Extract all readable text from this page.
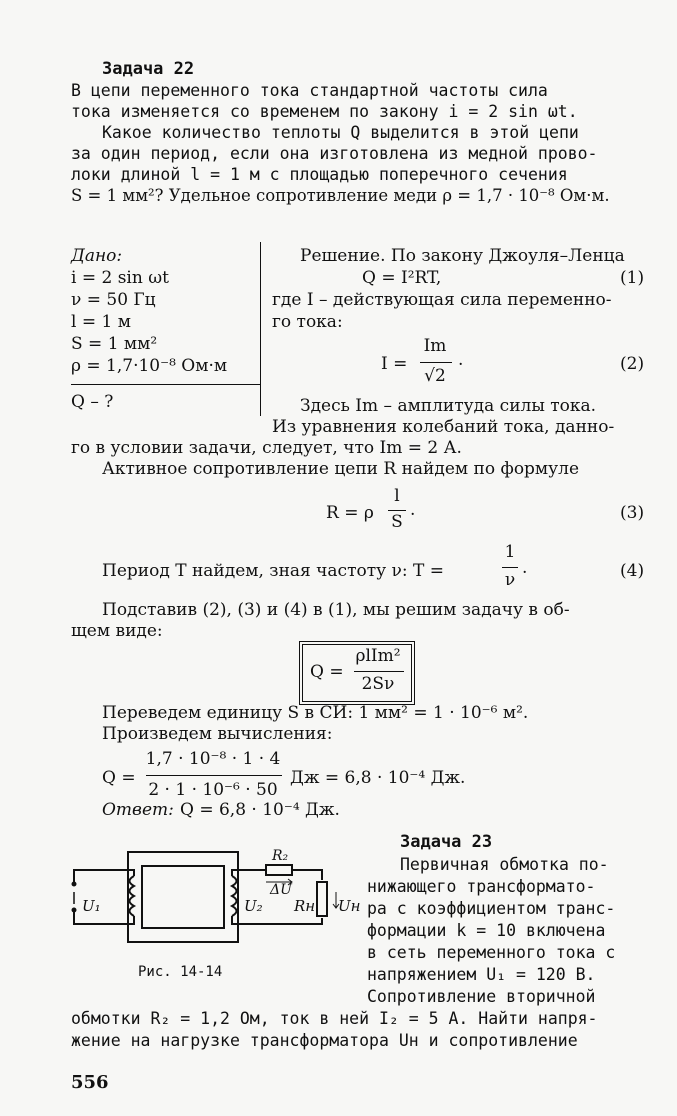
Задача 22
В цепи переменного тока стандартной частоты сила
тока изменяется со временем по закону i = 2 sin ωt.
Какое количество теплоты Q выделится в этой цепи
за один период, если она изготовлена из медной прово-
локи длиной l = 1 м с площадью поперечного сечения
S = 1 мм²? Удельное сопротивление меди ρ = 1,7 · 10⁻⁸ Ом·м.
Дано:
i = 2 sin ωt
ν = 50 Гц
l = 1 м
S = 1 мм²
ρ = 1,7·10⁻⁸ Ом·м
Q – ?
Решение. По закону Джоуля–Ленца
Q = I²RT,	(1)
где I – действующая сила переменно-
го тока:
I =
Im
√2
.	(2)
Здесь Im – амплитуда силы тока.
Из уравнения колебаний тока, данно-
го в условии задачи, следует, что Im = 2 А.
Активное сопротивление цепи R найдем по формуле
R = ρ
l
S
.	(3)
Период T найдем, зная частоту ν: T =
1
ν
.	(4)
Подставив (2), (3) и (4) в (1), мы решим задачу в об-
щем виде:
Q =
ρlIm²
2Sν
Переведем единицу S в СИ: 1 мм² = 1 · 10⁻⁶ м².
Произведем вычисления:
Q =
1,7 · 10⁻⁸ · 1 · 4
2 · 1 · 10⁻⁶ · 50
Дж = 6,8 · 10⁻⁴ Дж.
Ответ: Q = 6,8 · 10⁻⁴ Дж.
Задача 23
Первичная обмотка по-
нижающего трансформато-
ра с коэффициентом транс-
формации k = 10 включена
в сеть переменного тока с
напряжением U₁ = 120 В.
Сопротивление вторичной
обмотки R₂ = 1,2 Ом, ток в ней I₂ = 5 А. Найти напря-
жение на нагрузке трансформатора Uн и сопротивление
R₂
ΔU
U₁	U₂ Rн Uн
Рис. 14-14
556
